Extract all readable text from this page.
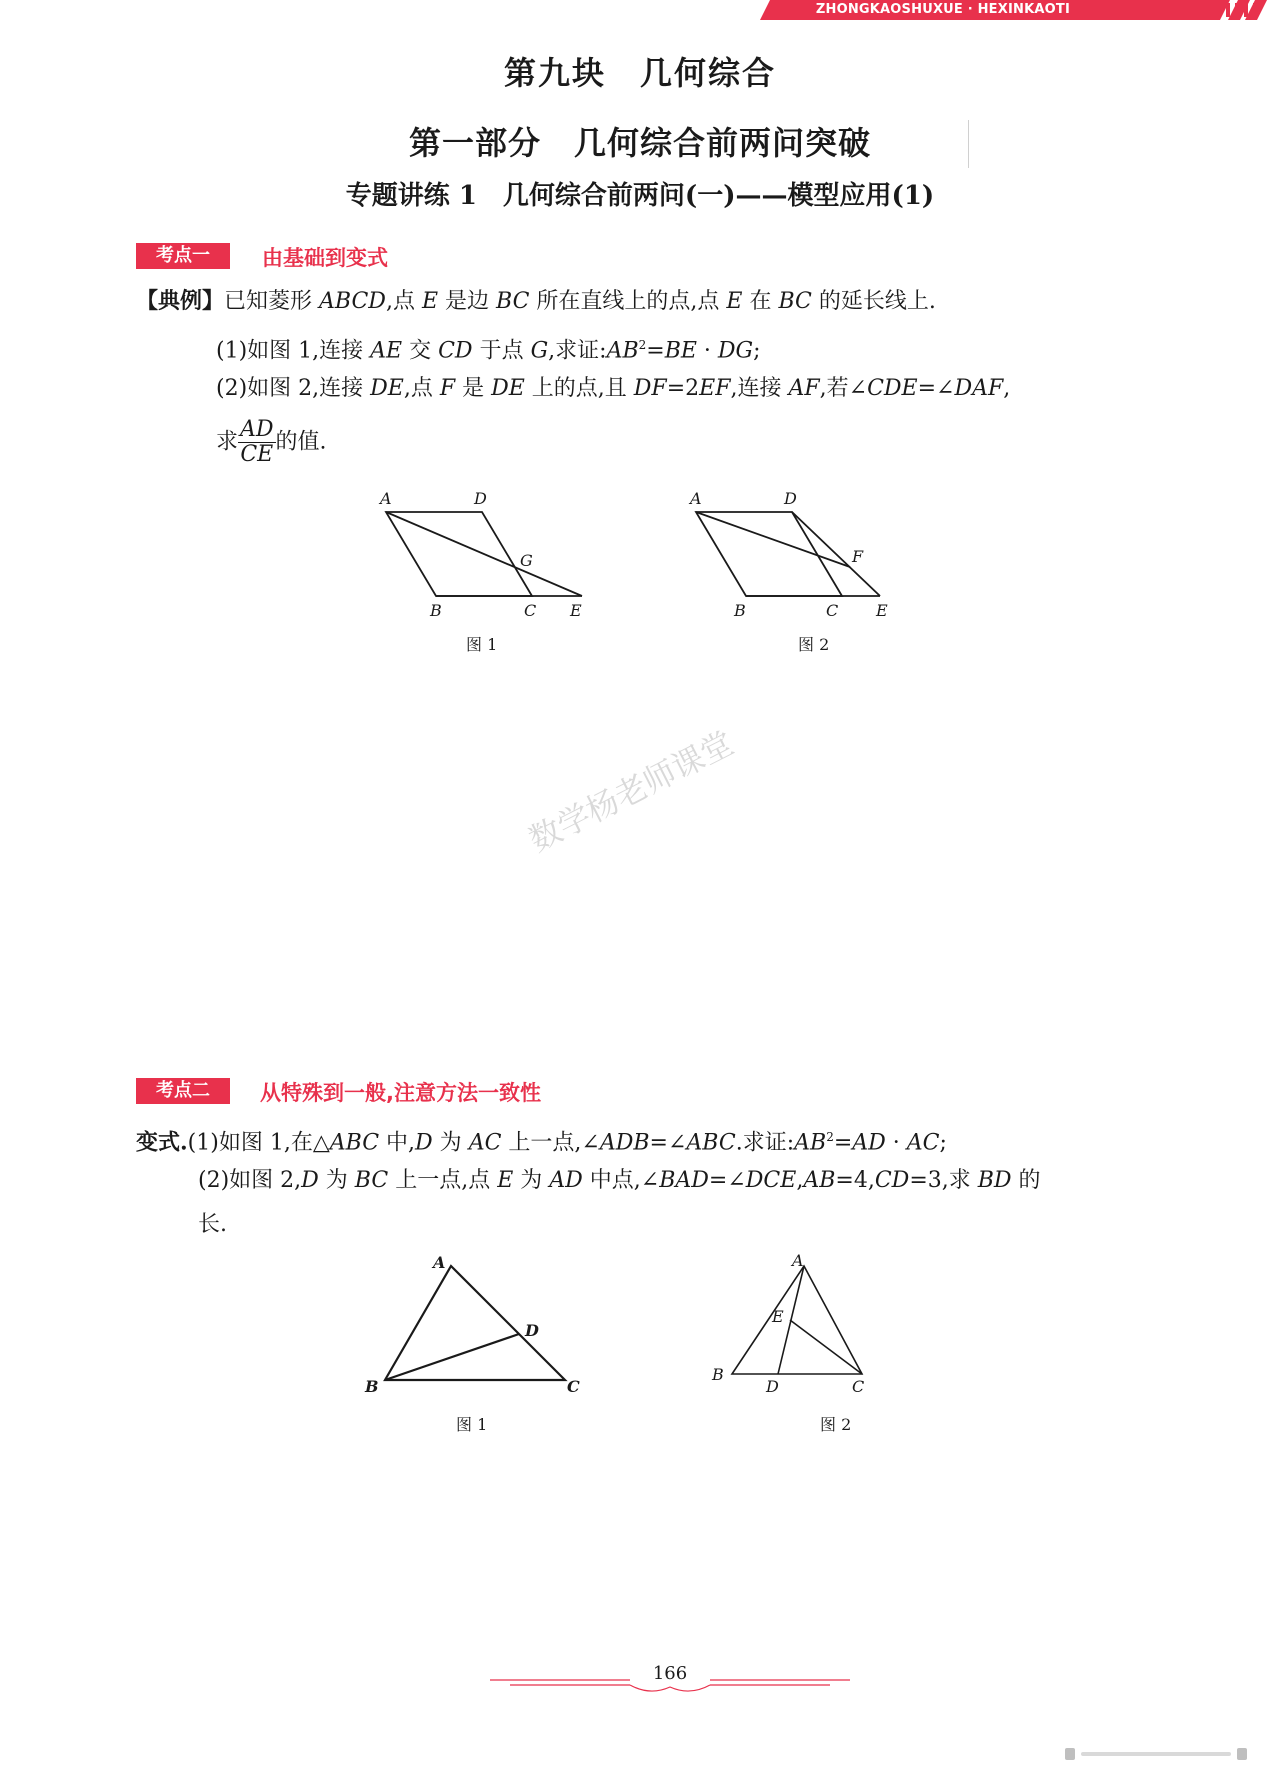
ZHONGKAOSHUXUE · HEXINKAOTI
第九块　几何综合
第一部分　几何综合前两问突破
专题讲练 1　几何综合前两问(一)——模型应用(1)
考点一	由基础到变式
【典例】已知菱形 ABCD,点 E 是边 BC 所在直线上的点,点 E 在 BC 的延长线上.
(1)如图 1,连接 AE 交 CD 于点 G,求证$:AB^2=BE$ · DG;
(2)如图 2,连接 DE,点 F 是 DE 上的点,且 DF=2EF,连接 AF,若∠CDE=∠DAF,
求 $\frac{AD}{CE}$ 的值.
A	D
G
B	C E
图 1
A	D
F
B	C E
图 2
数学杨老师课堂
考点二	从特殊到一般,注意方法一致性
变式.(1)如图 1,在△ABC 中,D 为 AC 上一点,∠ADB=∠ABC.求证$:AB^2=AD$ · AC;
(2)如图 2,D 为 BC 上一点,点 E 为 AD 中点,∠BAD=∠DCE,AB=4,CD=3,求 BD 的
长.
A
D
B	C
图 1
A
E
B
D	C
图 2
166
